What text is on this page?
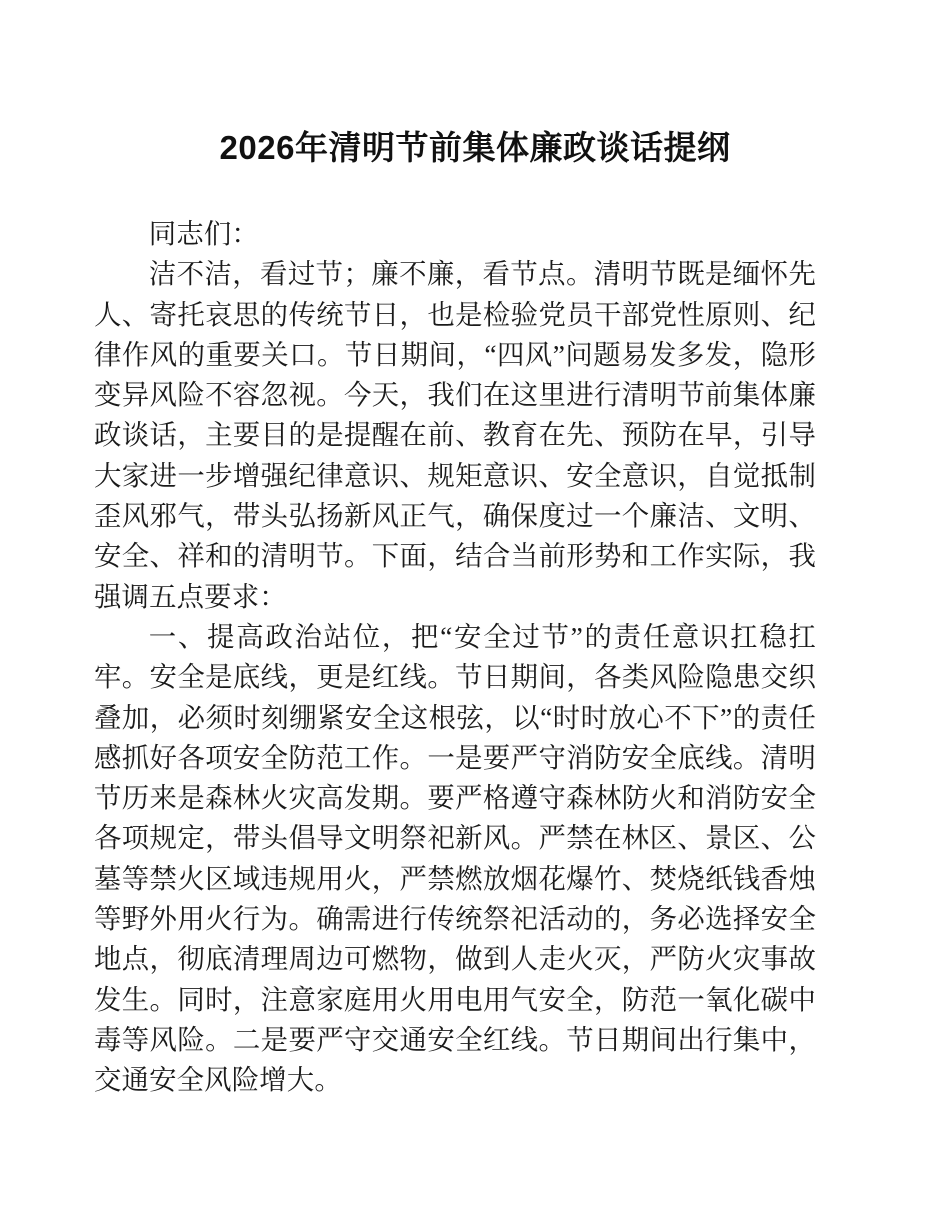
2026年清明节前集体廉政谈话提纲

同志们：

洁不洁，看过节；廉不廉，看节点。清明节既是缅怀先人、寄托哀思的传统节日，也是检验党员干部党性原则、纪律作风的重要关口。节日期间，“四风”问题易发多发，隐形变异风险不容忽视。今天，我们在这里进行清明节前集体廉政谈话，主要目的是提醒在前、教育在先、预防在早，引导大家进一步增强纪律意识、规矩意识、安全意识，自觉抵制歪风邪气，带头弘扬新风正气，确保度过一个廉洁、文明、安全、祥和的清明节。下面，结合当前形势和工作实际，我强调五点要求：

一、提高政治站位，把“安全过节”的责任意识扛稳扛牢。安全是底线，更是红线。节日期间，各类风险隐患交织叠加，必须时刻绷紧安全这根弦，以“时时放心不下”的责任感抓好各项安全防范工作。一是要严守消防安全底线。清明节历来是森林火灾高发期。要严格遵守森林防火和消防安全各项规定，带头倡导文明祭祀新风。严禁在林区、景区、公墓等禁火区域违规用火，严禁燃放烟花爆竹、焚烧纸钱香烛等野外用火行为。确需进行传统祭祀活动的，务必选择安全地点，彻底清理周边可燃物，做到人走火灭，严防火灾事故发生。同时，注意家庭用火用电用气安全，防范一氧化碳中毒等风险。二是要严守交通安全红线。节日期间出行集中，交通安全风险增大。
